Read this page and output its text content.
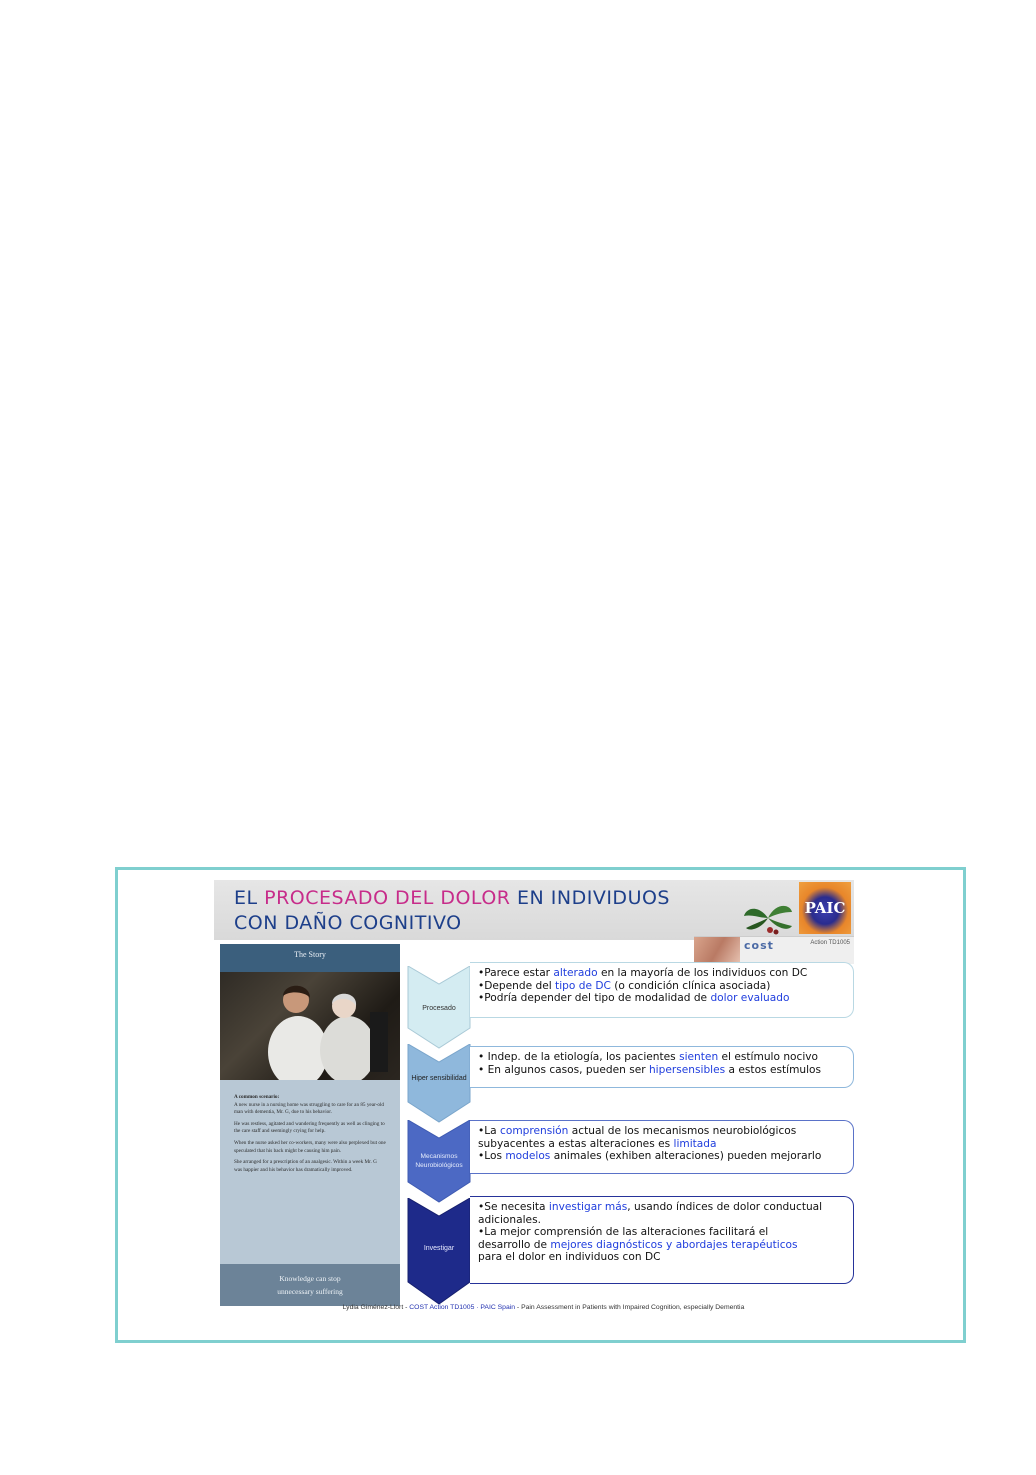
EL PROCESADO DEL DOLOR EN INDIVIDUOS
CON DAÑO COGNITIVO
PAIC
cost	Action TD1005
The Story

A common scenario:
A new nurse in a nursing home was struggling to care for an 85 year-old man with dementia, Mr. G, due to his behavior.

He was restless, agitated and wandering frequently as well as clinging to the care staff and seemingly crying for help.

When the nurse asked her co-workers, many were also perplexed but one speculated that his back might be causing him pain.

She arranged for a prescription of an analgesic. Within a week Mr. G was happier and his behavior has dramatically improved.

Knowledge can stop
unnecessary suffering
Procesado
•Parece estar alterado en la mayoría de los individuos con DC
•Depende del tipo de DC (o condición clínica asociada)
•Podría depender del tipo de modalidad de dolor evaluado
Hiper sensibilidad
• Indep. de la etiología, los pacientes sienten el estímulo nocivo
• En algunos casos, pueden ser hipersensibles a estos estímulos
Mecanismos Neurobiológicos
•La comprensión actual de los mecanismos neurobiológicos
subyacentes a estas alteraciones es limitada
•Los modelos animales (exhiben alteraciones) pueden mejorarlo
Investigar
•Se necesita investigar más, usando índices de dolor conductual
adicionales.
•La mejor comprensión de las alteraciones facilitará el
desarrollo de mejores diagnósticos y abordajes terapéuticos
para el dolor en individuos con DC
Lydia Giménez-Llort - COST Action TD1005 · PAIC Spain - Pain Assessment in Patients with Impaired Cognition, especially Dementia
